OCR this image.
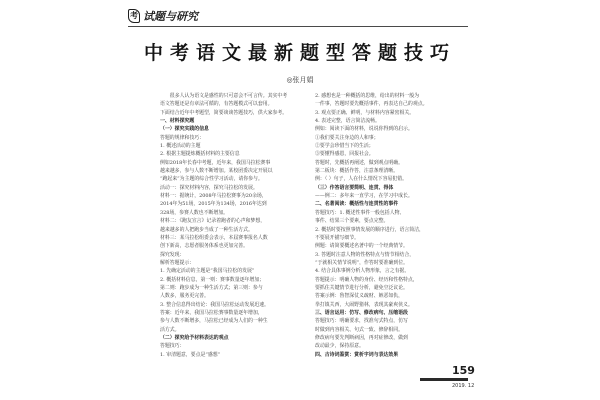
考 试题与研究
中考语文最新题型答题技巧
◎张月娟

很多人认为语文是感性的只可意会不可言传。其实中考

语文答题还是有章法可循的，有答题模式可以套用。

下面结合近年中考题型，简要谈谈答题技巧，供大家参考。

一、材料探究题

（一）探究实践的信息

答题的规律和技巧：

1. 概述活动的主题

2. 根据主题提炼概括材料的主要信息

例如2018年长春中考题，近年来，我国马拉松赛事

越来越多，参与人数不断增加。某校团委决定开展以

“跑起来”为主题的综合性学习活动，请你参与。

活动一：探究材料内容，探究马拉松的发展。

材料一：据统计，2008年马拉松赛事为20余场，

2014年为51场，2015年为134场，2016年达到

328场，参赛人数也不断增加。

材料二：《跑友宣言》记录着跑者的心声和梦想，

越来越多的人把跑步当成了一种生活方式。

材料三：某马拉松组委会表示，本届赛事报名人数

创下新高，志愿者服务体系也更加完善。

探究发现：

解析答题提示：

1. 先确定活动的主题是“我国马拉松的发展”

2. 概括材料信息，第一则：赛事数量逐年增加；

第二则：跑步成为一种生活方式；第三则：参与

人数多，服务更完善。

3. 整合信息得出结论：我国马拉松运动发展迅速。

答案：近年来，我国马拉松赛事数量逐年增加，

参与人数不断增多，马拉松已经成为人们的一种生

活方式。

（二）探究给予材料表达的观点

答题技巧：

1. 审清题意，要点是“感想”

2. 感想也是一种概括的思维，给出的材料一般为

一件事，答题时要先概括事件，再表达自己的观点。

3. 观点要正确、鲜明，与材料内容紧密相关。

4. 表述完整，语言简洁流畅。

例如：阅读下面的材料，说说你得到的启示。

①我们要关注身边的人和事；

②要学会珍惜当下的生活；

③要懂得感恩，回报社会。

答题时，先概括再阐述，做到观点明确。

第二板块：概括作答，注意条理清晰。

例：（ ）句子，人在什么情况下容易犯错。

（三）作答语言要简明、连贯、得体

——例二：多年来一直学习，在学习中成长。

二、名著阅读：概括性与连贯性的事件

答题技巧：1. 概述性事件一般包括人物、

事件、结果三个要素，要点完整。

2. 概括时要按照事情发展的顺序进行，语言简洁，

不要展开描写细节。

例题：请简要概述名著中的一个经典情节。

3. 答题时注意人物的性格特点与情节相结合，

“于就相关情节说明”，作答时要准确到位。

4. 结合具体事例分析人物形象，言之有据。

答题提示：明确人物的身份、经历和性格特点，

要抓住关键情节进行分析，避免空泛议论。

答案示例：鲁智深仗义疏财、嫉恶如仇，

拳打镇关西，大闹野猪林，表现其豪爽侠义。

三、语言运用：仿写、修改病句、压缩语段

答题技巧：明确要求，找准句式特点，仿写

时做到内容相关、句式一致、修辞相同。

修改病句要先判断病因，再对症修改，做到

改动最少，保持原意。

四、古诗词鉴赏：赏析字词与表达效果

159
2019. 12
